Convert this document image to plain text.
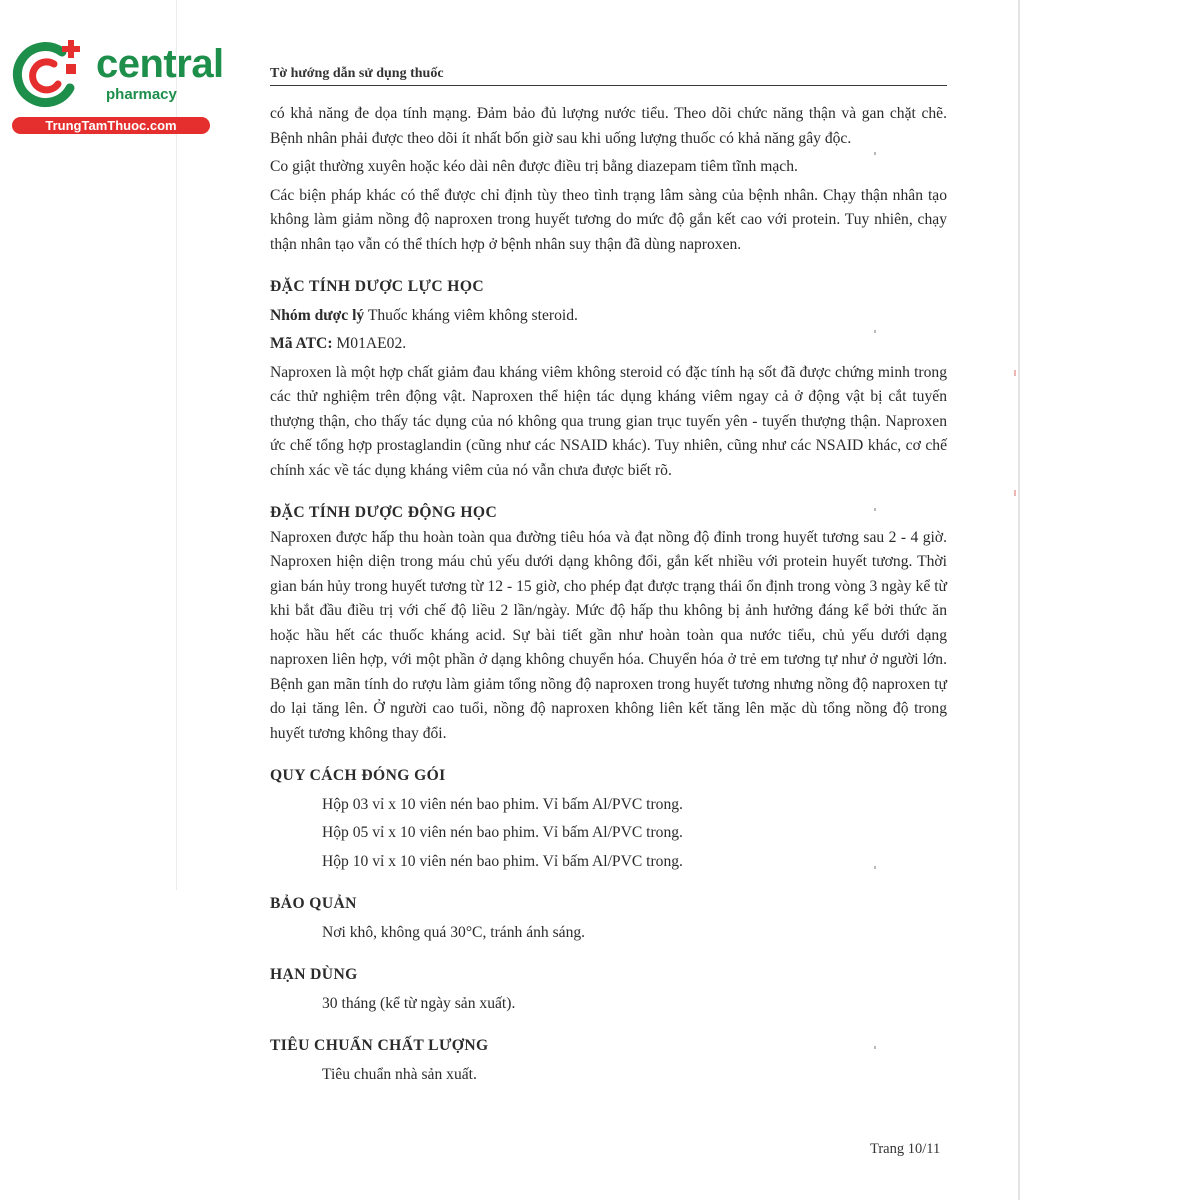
central
pharmacy
TrungTamThuoc.com
Tờ hướng dẫn sử dụng thuốc

có khả năng đe dọa tính mạng. Đảm bảo đủ lượng nước tiểu. Theo dõi chức năng thận và gan chặt chẽ. Bệnh nhân phải được theo dõi ít nhất bốn giờ sau khi uống lượng thuốc có khả năng gây độc.

Co giật thường xuyên hoặc kéo dài nên được điều trị bằng diazepam tiêm tĩnh mạch.

Các biện pháp khác có thể được chỉ định tùy theo tình trạng lâm sàng của bệnh nhân. Chạy thận nhân tạo không làm giảm nồng độ naproxen trong huyết tương do mức độ gắn kết cao với protein. Tuy nhiên, chạy thận nhân tạo vẫn có thể thích hợp ở bệnh nhân suy thận đã dùng naproxen.

ĐẶC TÍNH DƯỢC LỰC HỌC

Nhóm dược lý Thuốc kháng viêm không steroid.

Mã ATC: M01AE02.

Naproxen là một hợp chất giảm đau kháng viêm không steroid có đặc tính hạ sốt đã được chứng minh trong các thử nghiệm trên động vật. Naproxen thể hiện tác dụng kháng viêm ngay cả ở động vật bị cắt tuyến thượng thận, cho thấy tác dụng của nó không qua trung gian trục tuyến yên - tuyến thượng thận. Naproxen ức chế tổng hợp prostaglandin (cũng như các NSAID khác). Tuy nhiên, cũng như các NSAID khác, cơ chế chính xác về tác dụng kháng viêm của nó vẫn chưa được biết rõ.

ĐẶC TÍNH DƯỢC ĐỘNG HỌC

Naproxen được hấp thu hoàn toàn qua đường tiêu hóa và đạt nồng độ đỉnh trong huyết tương sau 2 - 4 giờ. Naproxen hiện diện trong máu chủ yếu dưới dạng không đổi, gắn kết nhiều với protein huyết tương. Thời gian bán hủy trong huyết tương từ 12 - 15 giờ, cho phép đạt được trạng thái ổn định trong vòng 3 ngày kể từ khi bắt đầu điều trị với chế độ liều 2 lần/ngày. Mức độ hấp thu không bị ảnh hưởng đáng kể bởi thức ăn hoặc hầu hết các thuốc kháng acid. Sự bài tiết gần như hoàn toàn qua nước tiểu, chủ yếu dưới dạng naproxen liên hợp, với một phần ở dạng không chuyển hóa. Chuyển hóa ở trẻ em tương tự như ở người lớn. Bệnh gan mãn tính do rượu làm giảm tổng nồng độ naproxen trong huyết tương nhưng nồng độ naproxen tự do lại tăng lên. Ở người cao tuổi, nồng độ naproxen không liên kết tăng lên mặc dù tổng nồng độ trong huyết tương không thay đổi.

QUY CÁCH ĐÓNG GÓI

Hộp 03 vỉ x 10 viên nén bao phim. Vỉ bấm Al/PVC trong.

Hộp 05 vỉ x 10 viên nén bao phim. Vỉ bấm Al/PVC trong.

Hộp 10 vỉ x 10 viên nén bao phim. Vỉ bấm Al/PVC trong.

BẢO QUẢN

Nơi khô, không quá 30°C, tránh ánh sáng.

HẠN DÙNG

30 tháng (kể từ ngày sản xuất).

TIÊU CHUẨN CHẤT LƯỢNG

Tiêu chuẩn nhà sản xuất.

Trang 10/11
